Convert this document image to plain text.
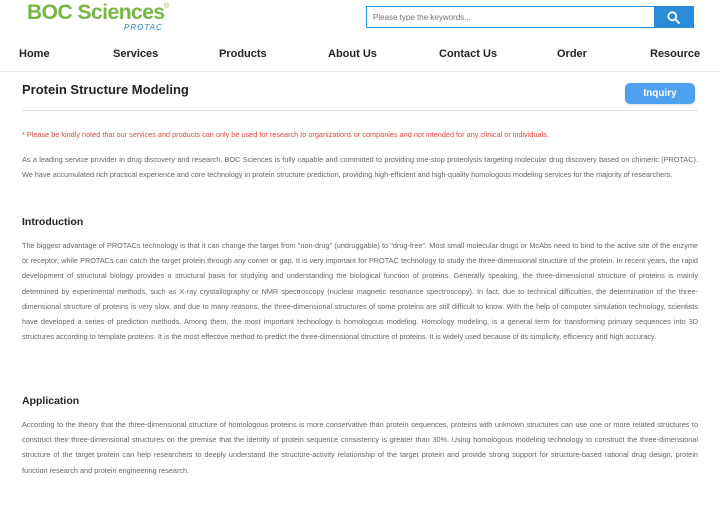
BOC Sciences ®
PROTAC
Please type the keywords...
Home	Services	Products	About Us	Contact Us	Order	Resource
Protein Structure Modeling	Inquiry
* Please be kindly noted that our services and products can only be used for research to organizations or companies and not intended for any clinical or individuals.

As a leading service provider in drug discovery and research, BOC Sciences is fully capable and committed to providing one-stop proteolysis targeting molecular drug discovery based on chimeric (PROTAC). We have accumulated rich practical experience and core technology in protein structure prediction, providing high-efficient and high-quality homologous modeling services for the majority of researchers.

Introduction

The biggest advantage of PROTACs technology is that it can change the target from "non-drug" (undruggable) to "drug-free". Most small molecular drugs or McAbs need to bind to the active site of the enzyme or receptor, while PROTACs can catch the target protein through any corner or gap. It is very important for PROTAC technology to study the three-dimensional structure of the protein. In recent years, the rapid development of structural biology provides a structural basis for studying and understanding the biological function of proteins. Generally speaking, the three-dimensional structure of proteins is mainly determined by experimental methods, such as X-ray crystallography or NMR spectroscopy (nuclear magnetic resonance spectroscopy). In fact, due to technical difficulties, the determination of the three-dimensional structure of proteins is very slow, and due to many reasons, the three-dimensional structures of some proteins are still difficult to know. With the help of computer simulation technology, scientists have developed a series of prediction methods. Among them, the most important technology is homologous modeling. Homology modeling, is a general term for transforming primary sequences into 3D structures according to template proteins. It is the most effective method to predict the three-dimensional structure of proteins. It is widely used because of its simplicity, efficiency and high accuracy.

Application

According to the theory that the three-dimensional structure of homologous proteins is more conservative than protein sequences, proteins with unknown structures can use one or more related structures to construct their three-dimensional structures on the premise that the identity of protein sequence consistency is greater than 30%. Using homologous modeling technology to construct the three-dimensional structure of the target protein can help researchers to deeply understand the structure-activity relationship of the target protein and provide strong support for structure-based rational drug design, protein function research and protein engineering research.
